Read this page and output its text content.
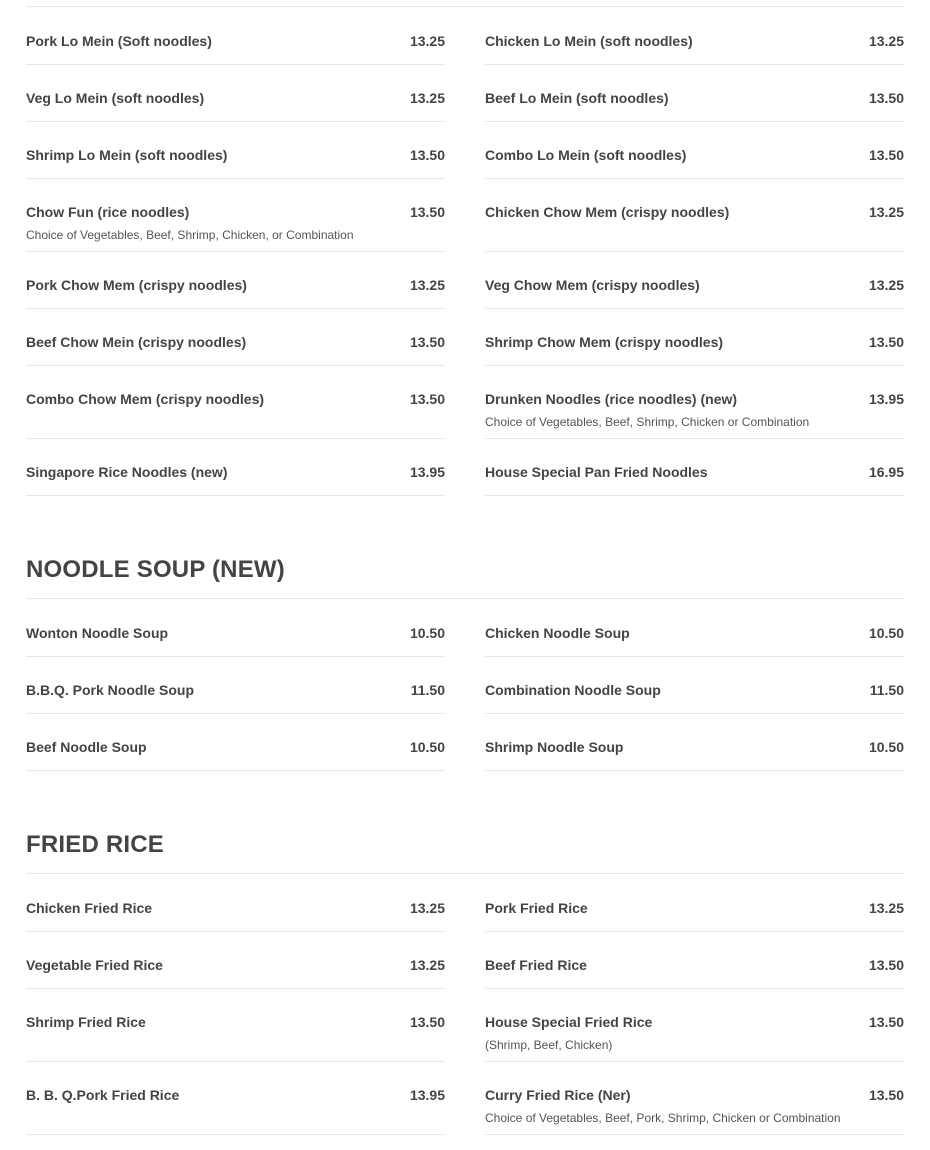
Pork Lo Mein (Soft noodles)	13.25
Veg Lo Mein (soft noodles)	13.25
Shrimp Lo Mein (soft noodles)	13.50
Chow Fun (rice noodles)	13.50
Choice of Vegetables, Beef, Shrimp, Chicken, or Combination
Pork Chow Mem (crispy noodles)	13.25
Beef Chow Mein (crispy noodles)	13.50
Combo Chow Mem (crispy noodles)	13.50
Singapore Rice Noodles (new)	13.95
Chicken Lo Mein (soft noodles)	13.25
Beef Lo Mein (soft noodles)	13.50
Combo Lo Mein (soft noodles)	13.50
Chicken Chow Mem (crispy noodles)	13.25
Veg Chow Mem (crispy noodles)	13.25
Shrimp Chow Mem (crispy noodles)	13.50
Drunken Noodles (rice noodles) (new)	13.95
Choice of Vegetables, Beef, Shrimp, Chicken or Combination
House Special Pan Fried Noodles	16.95
NOODLE SOUP (NEW)
Wonton Noodle Soup	10.50
B.B.Q. Pork Noodle Soup	11.50
Beef Noodle Soup	10.50
Chicken Noodle Soup	10.50
Combination Noodle Soup	11.50
Shrimp Noodle Soup	10.50
FRIED RICE
Chicken Fried Rice	13.25
Vegetable Fried Rice	13.25
Shrimp Fried Rice	13.50
B. B. Q.Pork Fried Rice	13.95
Pork Fried Rice	13.25
Beef Fried Rice	13.50
House Special Fried Rice	13.50
(Shrimp, Beef, Chicken)
Curry Fried Rice (Ner)	13.50
Choice of Vegetables, Beef, Pork, Shrimp, Chicken or Combination
